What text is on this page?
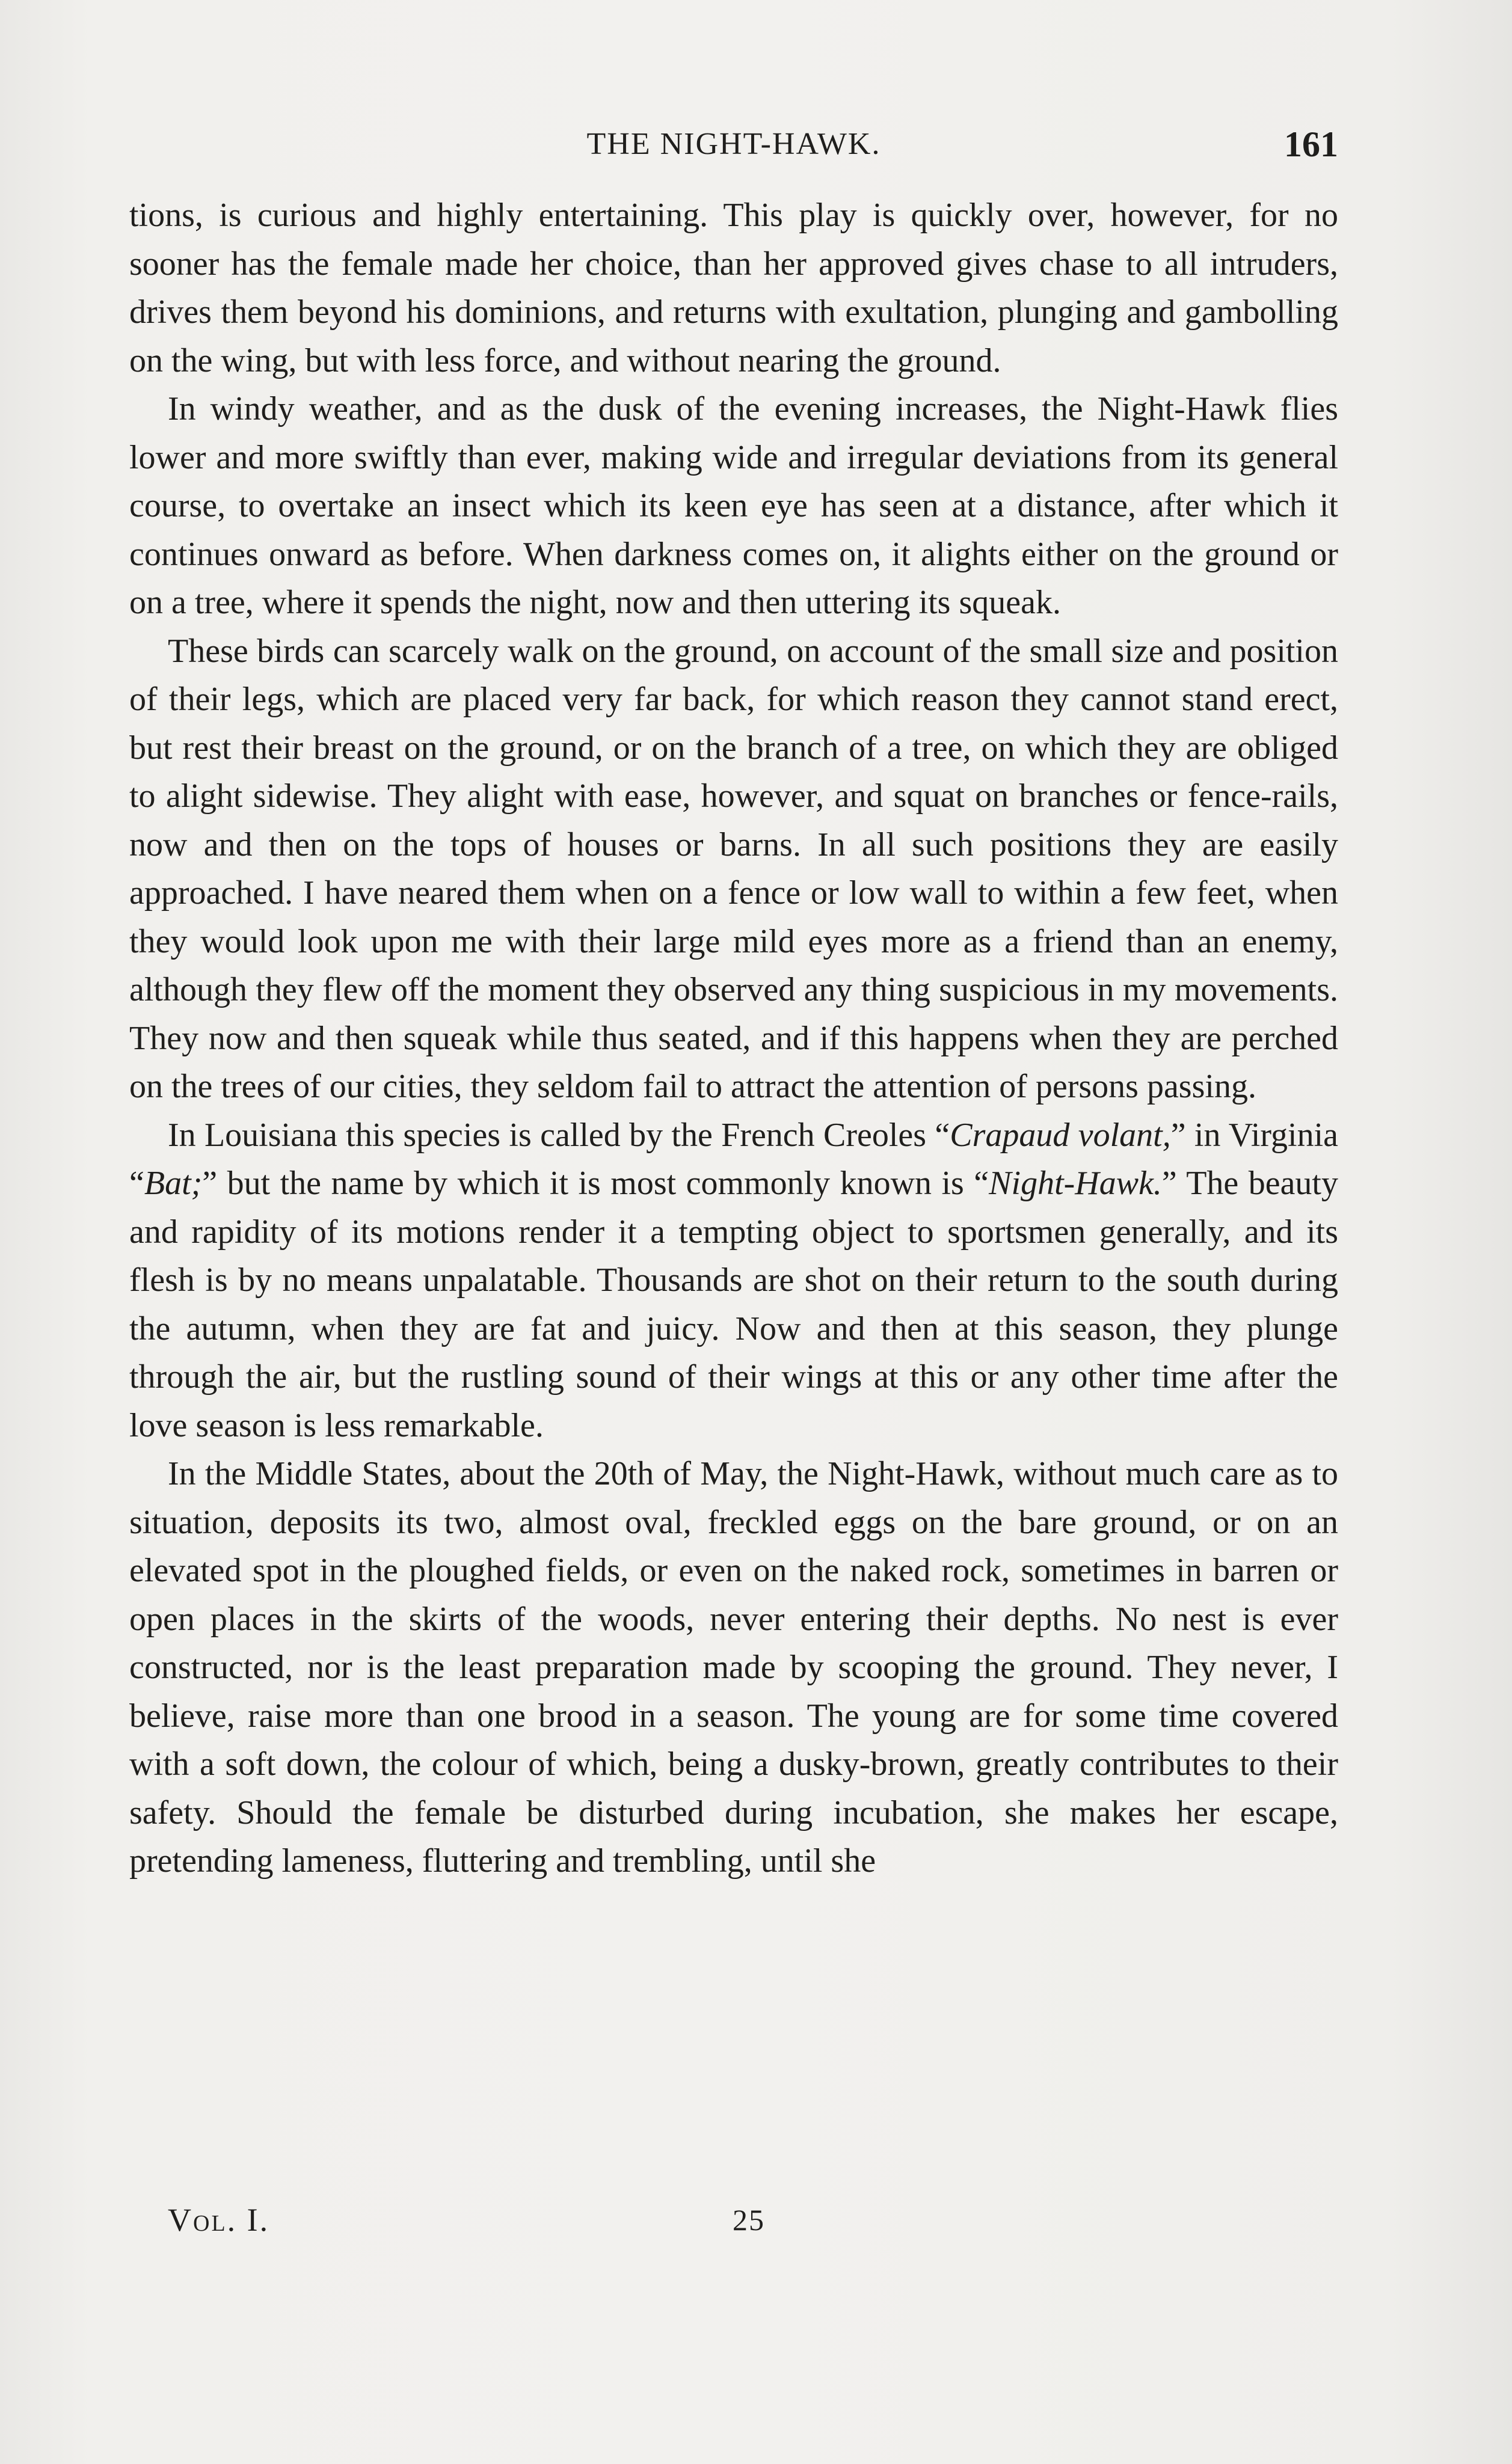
THE NIGHT-HAWK.	161

tions, is curious and highly entertaining. This play is quickly over, however, for no sooner has the female made her choice, than her approved gives chase to all intruders, drives them beyond his dominions, and returns with exultation, plunging and gambolling on the wing, but with less force, and without nearing the ground.

In windy weather, and as the dusk of the evening increases, the Night-Hawk flies lower and more swiftly than ever, making wide and irregular deviations from its general course, to overtake an insect which its keen eye has seen at a distance, after which it continues onward as before. When darkness comes on, it alights either on the ground or on a tree, where it spends the night, now and then uttering its squeak.

These birds can scarcely walk on the ground, on account of the small size and position of their legs, which are placed very far back, for which reason they cannot stand erect, but rest their breast on the ground, or on the branch of a tree, on which they are obliged to alight sidewise. They alight with ease, however, and squat on branches or fence-rails, now and then on the tops of houses or barns. In all such positions they are easily approached. I have neared them when on a fence or low wall to within a few feet, when they would look upon me with their large mild eyes more as a friend than an enemy, although they flew off the moment they observed any thing suspicious in my movements. They now and then squeak while thus seated, and if this happens when they are perched on the trees of our cities, they seldom fail to attract the attention of persons passing.

In Louisiana this species is called by the French Creoles “Crapaud volant,” in Virginia “Bat;” but the name by which it is most commonly known is “Night-Hawk.” The beauty and rapidity of its motions render it a tempting object to sportsmen generally, and its flesh is by no means unpalatable. Thousands are shot on their return to the south during the autumn, when they are fat and juicy. Now and then at this season, they plunge through the air, but the rustling sound of their wings at this or any other time after the love season is less remarkable.

In the Middle States, about the 20th of May, the Night-Hawk, without much care as to situation, deposits its two, almost oval, freckled eggs on the bare ground, or on an elevated spot in the ploughed fields, or even on the naked rock, sometimes in barren or open places in the skirts of the woods, never entering their depths. No nest is ever constructed, nor is the least preparation made by scooping the ground. They never, I believe, raise more than one brood in a season. The young are for some time covered with a soft down, the colour of which, being a dusky-brown, greatly contributes to their safety. Should the female be disturbed during incubation, she makes her escape, pretending lameness, fluttering and trembling, until she

Vol. I.	25
